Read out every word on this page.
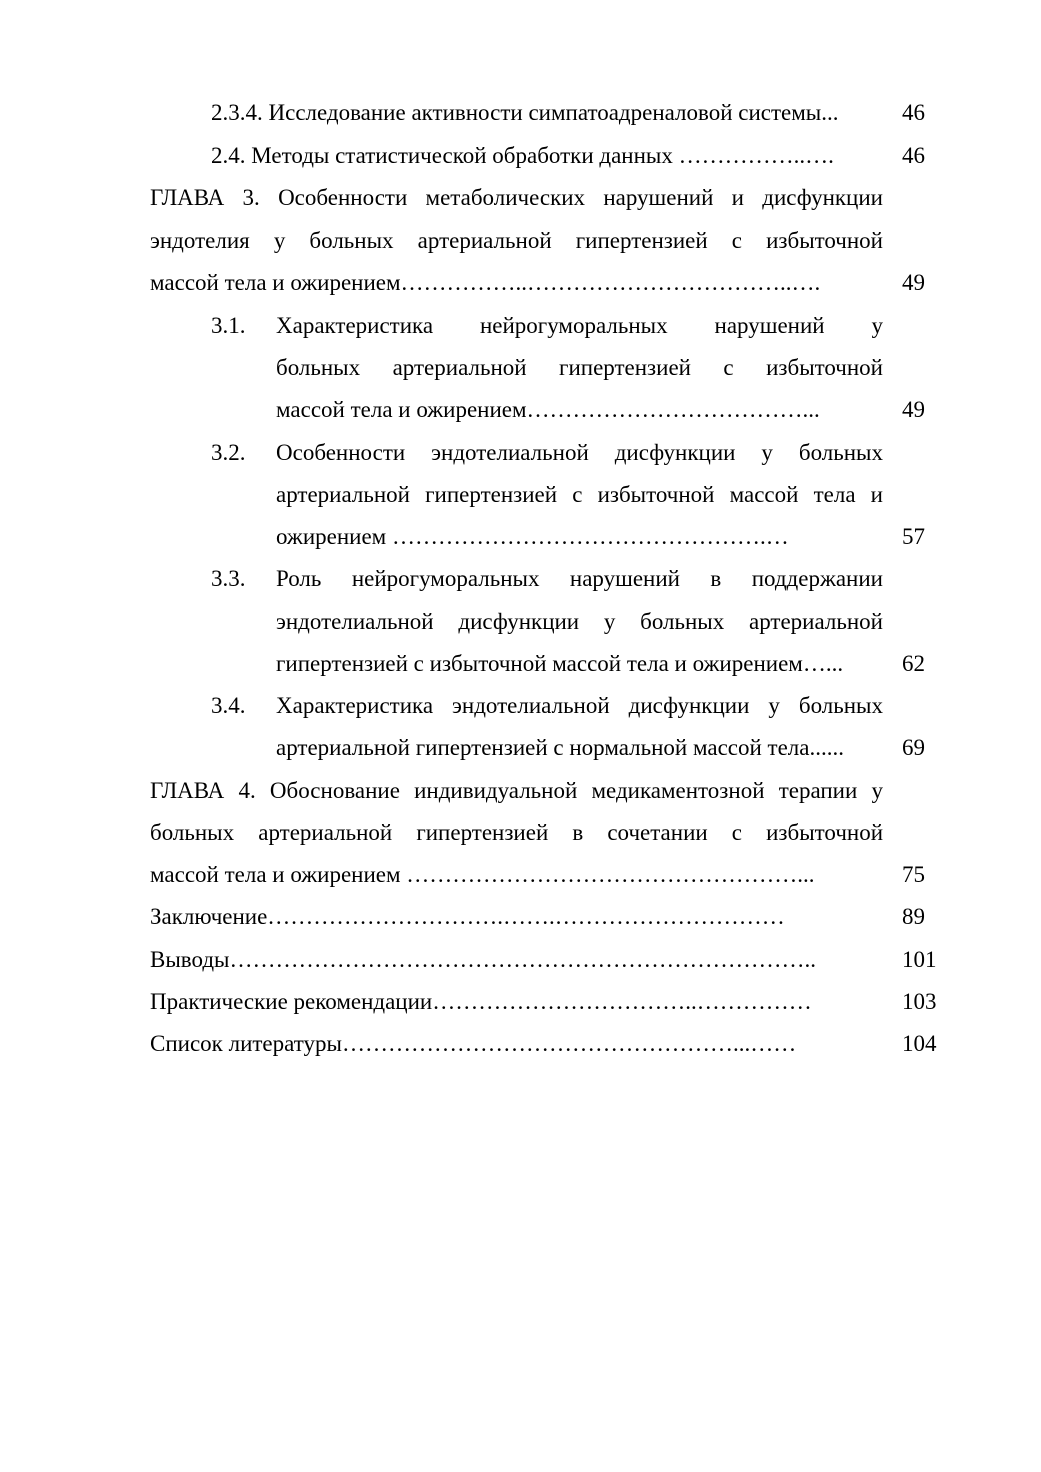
2.3.4. Исследование активности симпатоадреналовой системы...	46
2.4. Методы статистической обработки данных ……………..….	46
ГЛАВА 3. Особенности метаболических нарушений и дисфункции
эндотелия у больных артериальной гипертензией с избыточной
массой тела и ожирением……………..……………………………..….	49
3.1. Характеристика нейрогуморальных нарушений у
больных артериальной гипертензией с избыточной
массой тела и ожирением………………………………...	49
3.2. Особенности эндотелиальной дисфункции у больных
артериальной гипертензией с избыточной массой тела и
ожирением ………………………………………….…	57
3.3. Роль нейрогуморальных нарушений в поддержании
эндотелиальной дисфункции у больных артериальной
гипертензией с избыточной массой тела и ожирением…...	62
3.4. Характеристика эндотелиальной дисфункции у больных
артериальной гипертензией с нормальной массой тела......	69
ГЛАВА 4. Обоснование индивидуальной медикаментозной терапии у
больных артериальной гипертензией в сочетании с избыточной
массой тела и ожирением ……………………………………………...	75
Заключение………………………….…….…………………………	89
Выводы…………………………………………………………………..	101
Практические рекомендации……………………………..……………	103
Список литературы……………………………………………...……	104
